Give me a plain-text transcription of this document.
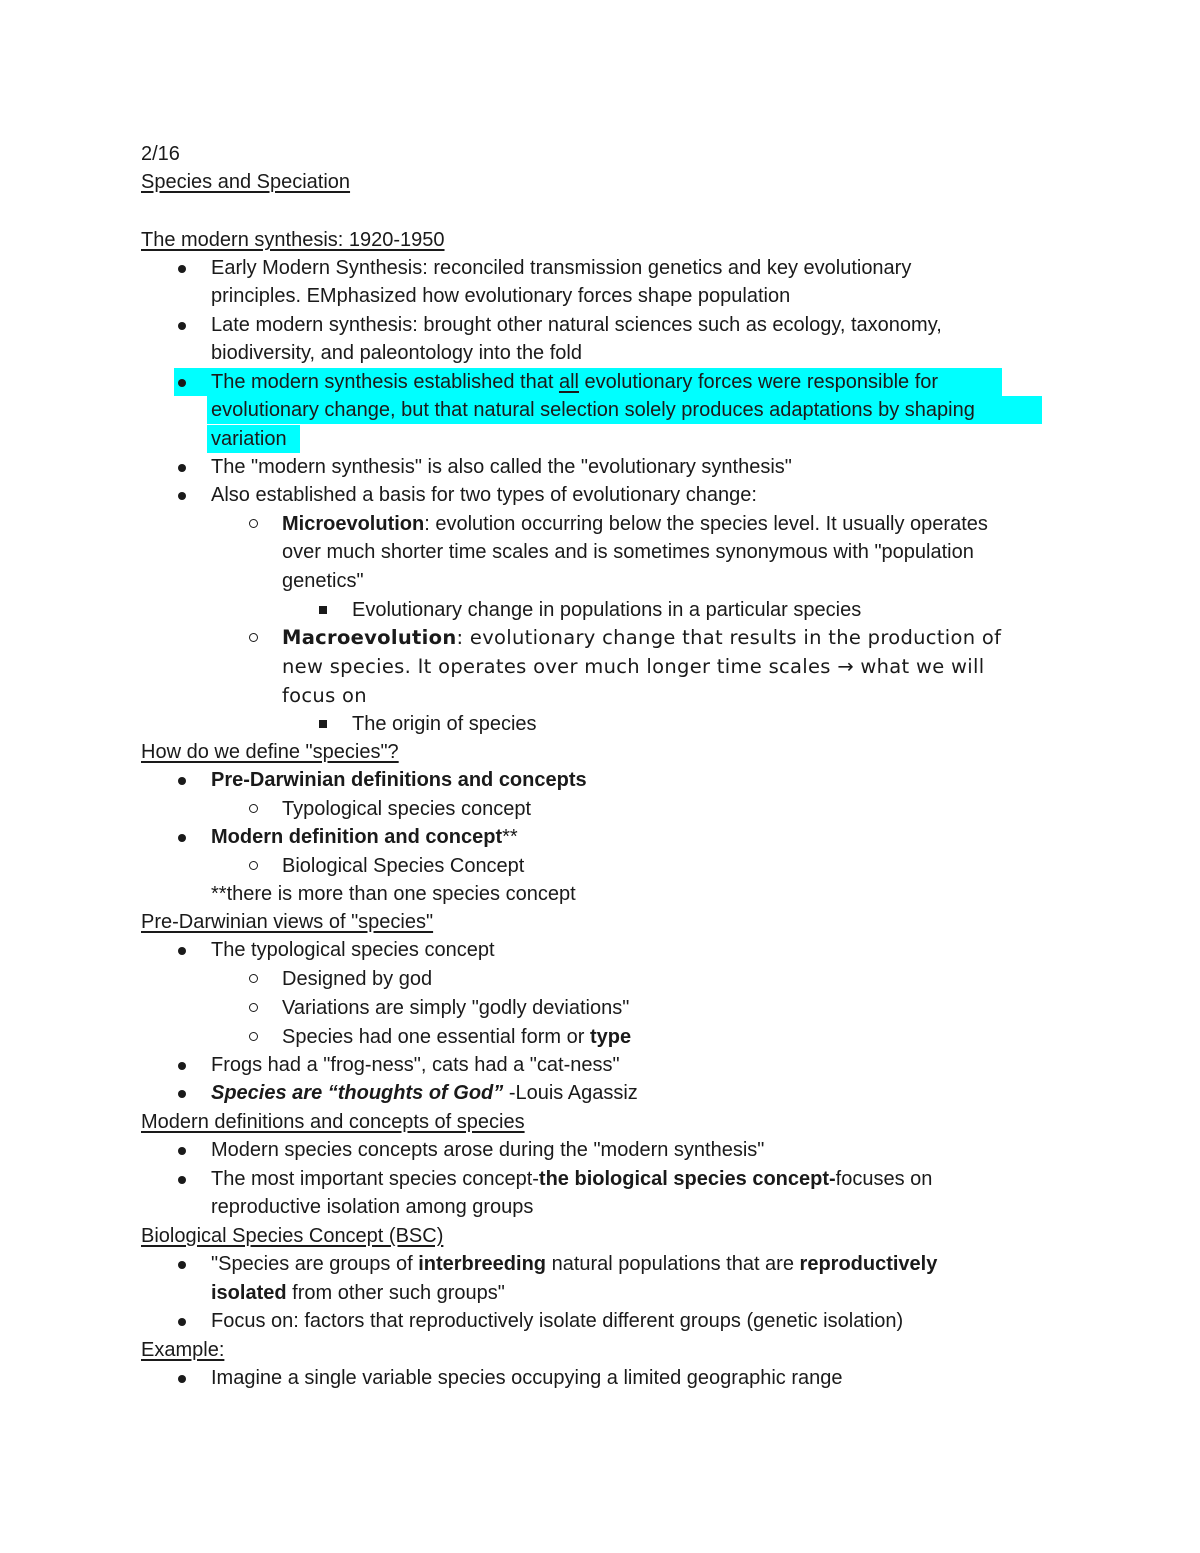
2/16
Species and Speciation
The modern synthesis: 1920-1950
Early Modern Synthesis: reconciled transmission genetics and key evolutionary
principles. EMphasized how evolutionary forces shape population
Late modern synthesis: brought other natural sciences such as ecology, taxonomy,
biodiversity, and paleontology into the fold
The modern synthesis established that all evolutionary forces were responsible for
evolutionary change, but that natural selection solely produces adaptations by shaping
variation
The "modern synthesis" is also called the "evolutionary synthesis"
Also established a basis for two types of evolutionary change:
Microevolution: evolution occurring below the species level. It usually operates
over much shorter time scales and is sometimes synonymous with "population
genetics"
Evolutionary change in populations in a particular species
Macroevolution: evolutionary change that results in the production of
new species. It operates over much longer time scales → what we will
focus on
The origin of species
How do we define "species"?
Pre-Darwinian definitions and concepts
Typological species concept
Modern definition and concept**
Biological Species Concept
**there is more than one species concept
Pre-Darwinian views of "species"
The typological species concept
Designed by god
Variations are simply "godly deviations"
Species had one essential form or type
Frogs had a "frog-ness", cats had a "cat-ness"
Species are “thoughts of God” -Louis Agassiz
Modern definitions and concepts of species
Modern species concepts arose during the "modern synthesis"
The most important species concept-the biological species concept-focuses on
reproductive isolation among groups
Biological Species Concept (BSC)
"Species are groups of interbreeding natural populations that are reproductively
isolated from other such groups"
Focus on: factors that reproductively isolate different groups (genetic isolation)
Example:
Imagine a single variable species occupying a limited geographic range
